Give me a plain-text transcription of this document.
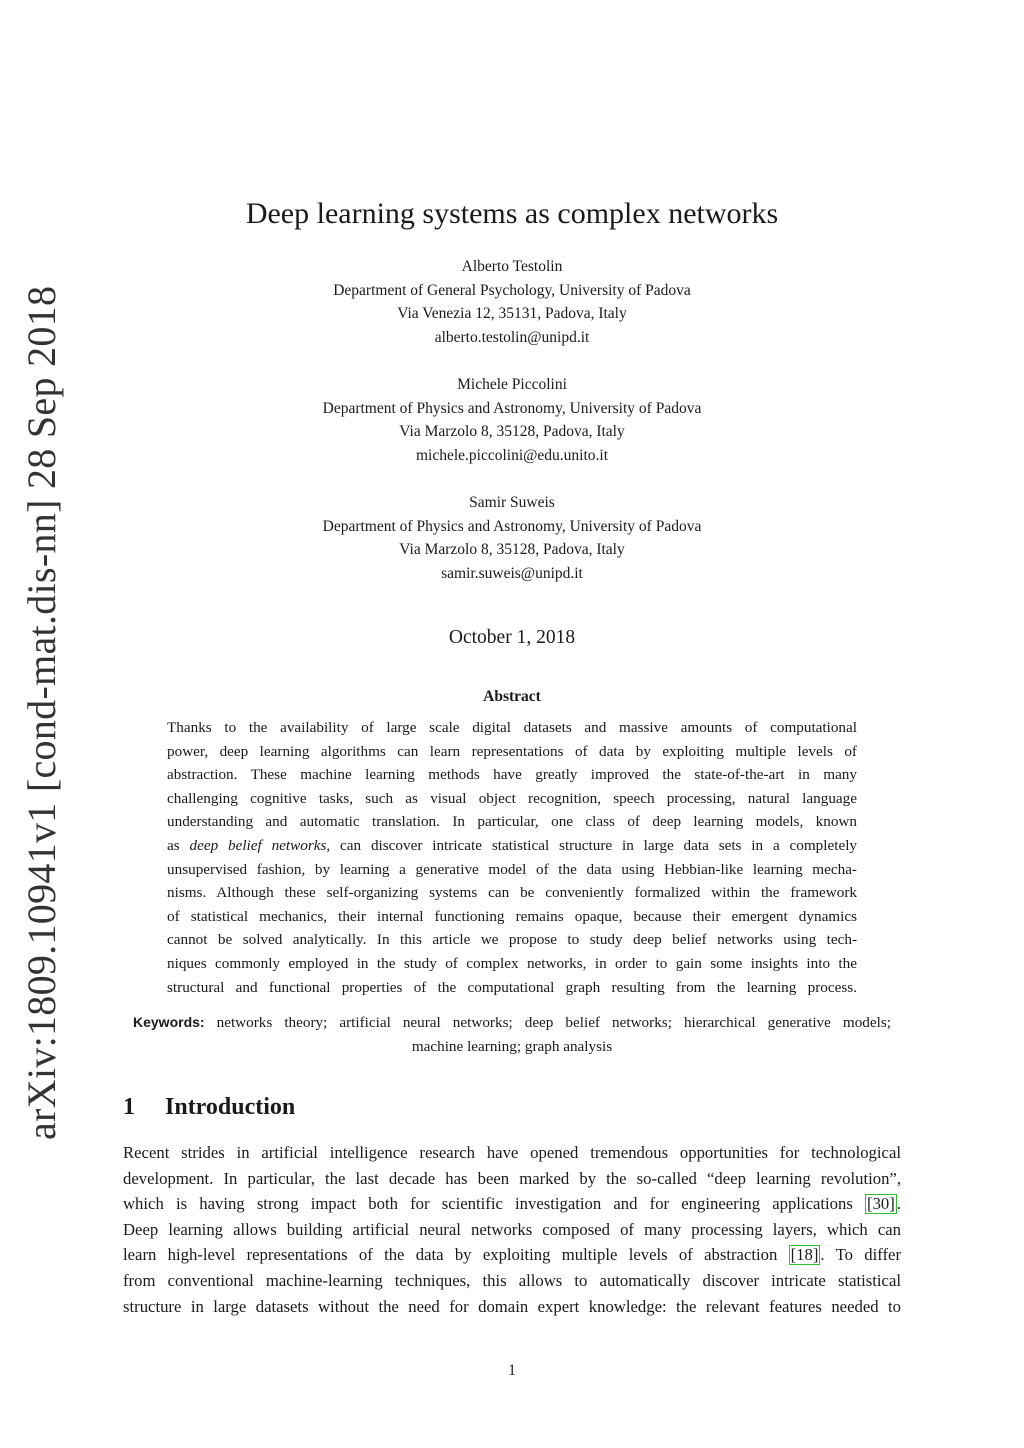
arXiv:1809.10941v1 [cond-mat.dis-nn] 28 Sep 2018
Deep learning systems as complex networks
Alberto Testolin
Department of General Psychology, University of Padova
Via Venezia 12, 35131, Padova, Italy
alberto.testolin@unipd.it
Michele Piccolini
Department of Physics and Astronomy, University of Padova
Via Marzolo 8, 35128, Padova, Italy
michele.piccolini@edu.unito.it
Samir Suweis
Department of Physics and Astronomy, University of Padova
Via Marzolo 8, 35128, Padova, Italy
samir.suweis@unipd.it
October 1, 2018
Abstract
Thanks to the availability of large scale digital datasets and massive amounts of computational
power, deep learning algorithms can learn representations of data by exploiting multiple levels of
abstraction. These machine learning methods have greatly improved the state-of-the-art in many
challenging cognitive tasks, such as visual object recognition, speech processing, natural language
understanding and automatic translation. In particular, one class of deep learning models, known
as deep belief networks, can discover intricate statistical structure in large data sets in a completely
unsupervised fashion, by learning a generative model of the data using Hebbian-like learning mecha-
nisms. Although these self-organizing systems can be conveniently formalized within the framework
of statistical mechanics, their internal functioning remains opaque, because their emergent dynamics
cannot be solved analytically. In this article we propose to study deep belief networks using tech-
niques commonly employed in the study of complex networks, in order to gain some insights into the
structural and functional properties of the computational graph resulting from the learning process.
Keywords: networks theory; artificial neural networks; deep belief networks; hierarchical generative models;
machine learning; graph analysis
1 Introduction
Recent strides in artificial intelligence research have opened tremendous opportunities for technological
development. In particular, the last decade has been marked by the so-called “deep learning revolution”,
which is having strong impact both for scientific investigation and for engineering applications [30] .
Deep learning allows building artificial neural networks composed of many processing layers, which can
learn high-level representations of the data by exploiting multiple levels of abstraction [18] . To differ
from conventional machine-learning techniques, this allows to automatically discover intricate statistical
structure in large datasets without the need for domain expert knowledge: the relevant features needed to
1
